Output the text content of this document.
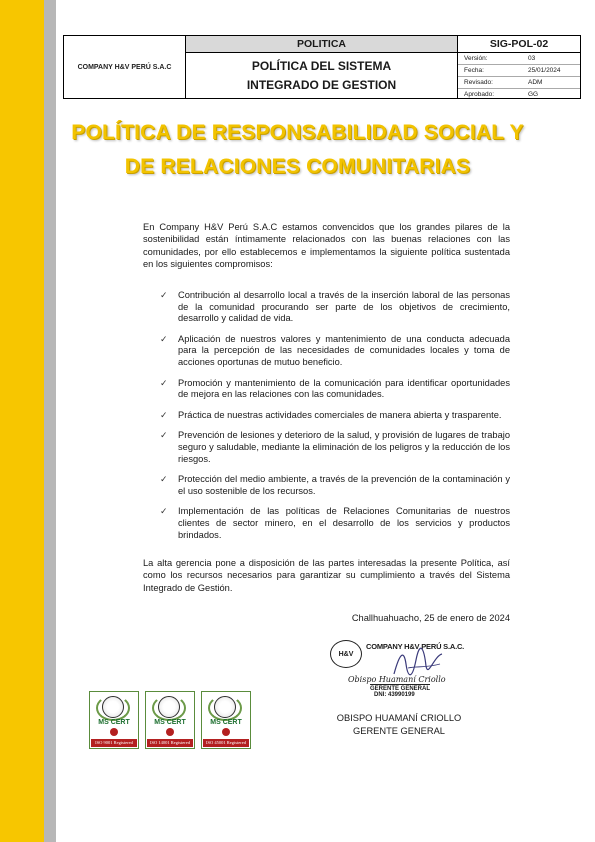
COMPANY H&V PERÚ S.A.C
POLITICA
POLÍTICA DEL SISTEMA
INTEGRADO DE GESTION
SIG-POL-02
Versión:	03
Fecha:	25/01/2024
Revisado:	ADM
Aprobado:	GG
POLÍTICA DE RESPONSABILIDAD SOCIAL Y
DE RELACIONES COMUNITARIAS

En Company H&V Perú S.A.C estamos convencidos que los grandes pilares de la sostenibilidad están íntimamente relacionados con las buenas relaciones con las comunidades, por ello establecemos e implementamos la siguiente política sustentada en los siguientes compromisos:

✓ Contribución al desarrollo local a través de la inserción laboral de las personas de la comunidad procurando ser parte de los objetivos de crecimiento, desarrollo y calidad de vida.
✓ Aplicación de nuestros valores y mantenimiento de una conducta adecuada para la percepción de las necesidades de comunidades locales y toma de acciones oportunas de mutuo beneficio.
✓ Promoción y mantenimiento de la comunicación para identificar oportunidades de mejora en las relaciones con las comunidades.
✓ Práctica de nuestras actividades comerciales de manera abierta y trasparente.
✓ Prevención de lesiones y deterioro de la salud, y provisión de lugares de trabajo seguro y saludable, mediante la eliminación de los peligros y la reducción de los riesgos.
✓ Protección del medio ambiente, a través de la prevención de la contaminación y el uso sostenible de los recursos.
✓ Implementación de las políticas de Relaciones Comunitarias de nuestros clientes de sector minero, en el desarrollo de los servicios y productos brindados.

La alta gerencia pone a disposición de las partes interesadas la presente Política, así como los recursos necesarios para garantizar su cumplimiento a través del Sistema Integrado de Gestión.

Challhuahuacho, 25 de enero de 2024
H&V
COMPANY H&V PERÚ S.A.C.
Obispo Huamaní Criollo
GERENTE GENERAL
DNI: 43990199
OBISPO HUAMANÍ CRIOLLO
GERENTE GENERAL
MS CERT
ISO 9001 Registered
MS CERT
ISO 14001 Registered
MS CERT
ISO 45001 Registered
